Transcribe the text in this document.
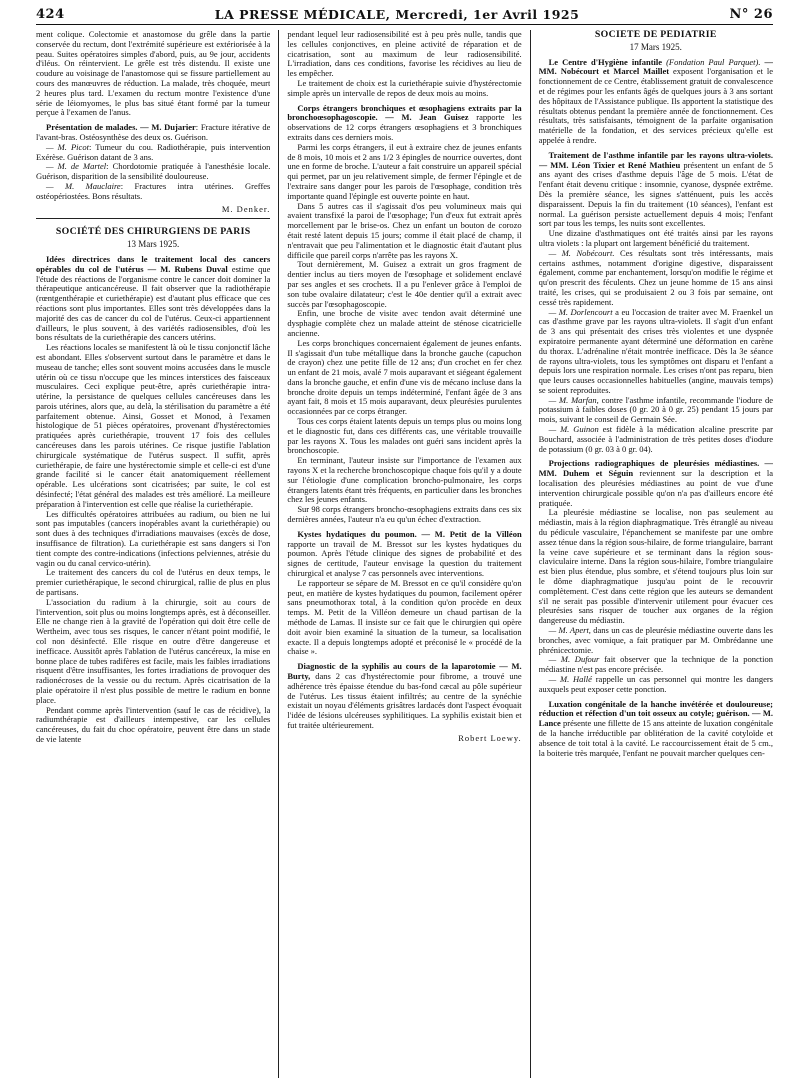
424	LA PRESSE MÉDICALE, Mercredi, 1er Avril 1925	N° 26

ment colique. Colectomie et anastomose du grêle dans la partie conservée du rectum, dont l'extrémité supérieure est extériorisée à la peau. Suites opératoires simples d'abord, puis, au 9e jour, accidents d'iléus. On réintervient. Le grêle est très distendu. Il existe une coudure au voisinage de l'anastomose qui se fissure partiellement au cours des manœuvres de réduction. La malade, très choquée, meurt 2 heures plus tard. L'examen du rectum montre l'existence d'une série de léiomyomes, le plus bas situé étant formé par la tumeur perçue à l'examen de l'anus.

Présentation de malades. — M. Dujarier: Fracture itérative de l'avant-bras. Ostéosynthèse des deux os. Guérison.

— M. Picot: Tumeur du cou. Radiothérapie, puis intervention Exérèse. Guérison datant de 3 ans.

— M. de Martel: Chordotomie pratiquée à l'anesthésie locale. Guérison, disparition de la sensibilité douloureuse.

— M. Mauclaire: Fractures intra utérines. Greffes ostéopériostées. Bons résultats.

M. Denker.
SOCIÉTÉ DES CHIRURGIENS DE PARIS
13 Mars 1925.

Idées directrices dans le traitement local des cancers opérables du col de l'utérus — M. Rubens Duval estime que l'étude des réactions de l'organisme contre le cancer doit dominer la thérapeutique anticancéreuse. Il fait observer que la radiothérapie (rœntgenthérapie et curiethérapie) est d'autant plus efficace que ces réactions sont plus importantes. Elles sont très développées dans la majorité des cas de cancer du col de l'utérus. Ceux-ci appartiennent d'ailleurs, le plus souvent, à des variétés radiosensibles, d'où les bons résultats de la curiethérapie des cancers utérins.

Les réactions locales se manifestent là où le tissu conjonctif lâche est abondant. Elles s'observent surtout dans le paramètre et dans le museau de tanche; elles sont souvent moins accusées dans le muscle utérin où ce tissu n'occupe que les minces interstices des faisceaux musculaires. Ceci explique peut-être, après curiethérapie intra-utérine, la persistance de quelques cellules cancéreuses dans les parois utérines, alors que, au delà, la stérilisation du paramètre a été parfaitement obtenue. Ainsi, Gosset et Monod, à l'examen histologique de 51 pièces opératoires, provenant d'hystérectomies pratiquées après curiethérapie, trouvent 17 fois des cellules cancéreuses dans les parois utérines. Ce risque justifie l'ablation chirurgicale systématique de l'utérus suspect. Il suffit, après curiethérapie, de faire une hystérectomie simple et celle-ci est d'une grande facilité si le cancer était anatomiquement réellement opérable. Les ulcérations sont cicatrisées; par suite, le col est désinfecté; l'état général des malades est très amélioré. La meilleure préparation à l'intervention est celle que réalise la curiethérapie.

Les difficultés opératoires attribuées au radium, ou bien ne lui sont pas imputables (cancers inopérables avant la curiethérapie) ou sont dues à des techniques d'irradiations mauvaises (excès de dose, insuffisance de filtration). La curiethérapie est sans dangers si l'on tient compte des contre-indications (infections pelviennes, atrésie du vagin ou du canal cervico-utérin).

Le traitement des cancers du col de l'utérus en deux temps, le premier curiethérapique, le second chirurgical, rallie de plus en plus de partisans.

L'association du radium à la chirurgie, soit au cours de l'intervention, soit plus ou moins longtemps après, est à déconseiller. Elle ne change rien à la gravité de l'opération qui doit être celle de Wertheim, avec tous ses risques, le cancer n'étant point modifié, le col non désinfecté. Elle risque en outre d'être dangereuse et inefficace. Aussitôt après l'ablation de l'utérus cancéreux, la mise en bonne place de tubes radifères est facile, mais les faibles irradiations risquent d'être insuffisantes, les fortes irradiations de provoquer des radionécroses de la vessie ou du rectum. Après cicatrisation de la plaie opératoire il n'est plus possible de mettre le radium en bonne place.

Pendant comme après l'intervention (sauf le cas de récidive), la radiumthérapie est d'ailleurs intempestive, car les cellules cancéreuses, du fait du choc opératoire, peuvent être dans un stade de vie latente

pendant lequel leur radiosensibilité est à peu près nulle, tandis que les cellules conjonctives, en pleine activité de réparation et de cicatrisation, sont au maximum de leur radiosensibilité. L'irradiation, dans ces conditions, favorise les récidives au lieu de les empêcher.

Le traitement de choix est la curiethérapie suivie d'hystérectomie simple après un intervalle de repos de deux mois au moins.

Corps étrangers bronchiques et œsophagiens extraits par la bronchoœsophagoscopie. — M. Jean Guisez rapporte les observations de 12 corps étrangers œsophagiens et 3 bronchiques extraits dans ces derniers mois.

Parmi les corps étrangers, il eut à extraire chez de jeunes enfants de 8 mois, 10 mois et 2 ans 1/2 3 épingles de nourrice ouvertes, dont une en forme de broche. L'auteur a fait construire un appareil spécial qui permet, par un jeu relativement simple, de fermer l'épingle et de l'extraire sans danger pour les parois de l'œsophage, condition très importante quand l'épingle est ouverte pointe en haut.

Dans 5 autres cas il s'agissait d'os peu volumineux mais qui avaient transfixé la paroi de l'œsophage; l'un d'eux fut extrait après morcellement par le brise-os. Chez un enfant un bouton de corozo était resté latent depuis 15 jours; comme il était placé de champ, il n'entravait que peu l'alimentation et le diagnostic était d'autant plus difficile que pareil corps n'arrête pas les rayons X.

Tout dernièrement, M. Guisez a extrait un gros fragment de dentier inclus au tiers moyen de l'œsophage et solidement enclavé par ses angles et ses crochets. Il a pu l'enlever grâce à l'emploi de son tube ovalaire dilatateur; c'est le 40e dentier qu'il a extrait avec succès par l'œsophagoscopie.

Enfin, une broche de visite avec tendon avait déterminé une dysphagie complète chez un malade atteint de sténose cicatricielle ancienne.

Les corps bronchiques concernaient également de jeunes enfants. Il s'agissait d'un tube métallique dans la bronche gauche (capuchon de crayon) chez une petite fille de 12 ans; d'un crochet en fer chez un enfant de 21 mois, avalé 7 mois auparavant et siégeant également dans la bronche gauche, et enfin d'une vis de mécano incluse dans la bronche droite depuis un temps indéterminé, l'enfant âgée de 3 ans ayant fait, 8 mois et 15 mois auparavant, deux pleurésies purulentes occasionnées par ce corps étranger.

Tous ces corps étaient latents depuis un temps plus ou moins long et le diagnostic fut, dans ces différents cas, une véritable trouvaille par les rayons X. Tous les malades ont guéri sans incident après la bronchoscopie.

En terminant, l'auteur insiste sur l'importance de l'examen aux rayons X et la recherche bronchoscopique chaque fois qu'il y a doute sur l'étiologie d'une complication broncho-pulmonaire, les corps étrangers latents étant très fréquents, en particulier dans les bronches chez les jeunes enfants.

Sur 98 corps étrangers broncho-œsophagiens extraits dans ces six dernières années, l'auteur n'a eu qu'un échec d'extraction.

Kystes hydatiques du poumon. — M. Petit de la Villéon rapporte un travail de M. Bressot sur les kystes hydatiques du poumon. Après l'étude clinique des signes de probabilité et des signes de certitude, l'auteur envisage la question du traitement chirurgical et analyse 7 cas personnels avec interventions.

Le rapporteur se sépare de M. Bressot en ce qu'il considère qu'on peut, en matière de kystes hydatiques du poumon, facilement opérer sans pneumothorax total, à la condition qu'on procède en deux temps. M. Petit de la Villéon demeure un chaud partisan de la méthode de Lamas. Il insiste sur ce fait que le chirurgien qui opère doit avoir bien examiné la situation de la tumeur, sa localisation exacte. Il a depuis longtemps adopté et préconisé le « procédé de la chaise ».

Diagnostic de la syphilis au cours de la laparotomie — M. Burty, dans 2 cas d'hystérectomie pour fibrome, a trouvé une adhérence très épaisse étendue du bas-fond cæcal au pôle supérieur de l'utérus. Les tissus étaient infiltrés; au centre de la synéchie existait un noyau d'éléments grisâtres lardacés dont l'aspect évoquait l'idée de lésions ulcéreuses syphilitiques. La syphilis existait bien et fut traitée ultérieurement.

Robert Loewy.
SOCIÉTÉ DE PÉDIATRIE
17 Mars 1925.

Le Centre d'Hygiène infantile (Fondation Paul Parquet). — MM. Nobécourt et Marcel Maillet exposent l'organisation et le fonctionnement de ce Centre, établissement gratuit de convalescence et de régimes pour les enfants âgés de quelques jours à 3 ans sortant des hôpitaux de l'Assistance publique. Ils apportent la statistique des résultats obtenus pendant la première année de fonctionnement. Ces résultats, très satisfaisants, témoignent de la parfaite organisation matérielle de la fondation, et des services précieux qu'elle est appelée à rendre.

Traitement de l'asthme infantile par les rayons ultra-violets. — MM. Léon Tixier et René Mathieu présentent un enfant de 5 ans ayant des crises d'asthme depuis l'âge de 5 mois. L'état de l'enfant était devenu critique : insomnie, cyanose, dyspnée extrême. Dès la première séance, les signes s'atténuent, puis les accès disparaissent. Depuis la fin du traitement (10 séances), l'enfant est normal. La guérison persiste actuellement depuis 4 mois; l'enfant sort par tous les temps, les nuits sont excellentes.

Une dizaine d'asthmatiques ont été traités ainsi par les rayons ultra violets : la plupart ont largement bénéficié du traitement.

— M. Nobécourt. Ces résultats sont très intéressants, mais certains asthmes, notamment d'origine digestive, disparaissent également, comme par enchantement, lorsqu'on modifie le régime et qu'on prescrit des féculents. Chez un jeune homme de 15 ans ainsi traité, les crises, qui se produisaient 2 ou 3 fois par semaine, ont cessé très rapidement.

— M. Dorlencourt a eu l'occasion de traiter avec M. Fraenkel un cas d'asthme grave par les rayons ultra-violets. Il s'agit d'un enfant de 3 ans qui présentait des crises très violentes et une dyspnée expiratoire permanente ayant déterminé une déformation en carène du thorax. L'adrénaline n'était montrée inefficace. Dès la 3e séance de rayons ultra-violets, tous les symptômes ont disparu et l'enfant a depuis lors une respiration normale. Les crises n'ont pas reparu, bien que leurs causes occasionnelles habituelles (angine, mauvais temps) se soient reproduites.

— M. Marfan, contre l'asthme infantile, recommande l'iodure de potassium à faibles doses (0 gr. 20 à 0 gr. 25) pendant 15 jours par mois, suivant le conseil de Germain Sée.

— M. Guinon est fidèle à la médication alcaline prescrite par Bouchard, associée à l'administration de très petites doses d'iodure de potassium (0 gr. 03 à 0 gr. 04).

Projections radiographiques de pleurésies médiastines. — MM. Duhem et Séguin reviennent sur la description et la localisation des pleurésies médiastines au point de vue d'une intervention chirurgicale possible qu'on n'a pas d'ailleurs encore été pratiquée.

La pleurésie médiastine se localise, non pas seulement au médiastin, mais à la région diaphragmatique. Très étranglé au niveau du pédicule vasculaire, l'épanchement se manifeste par une ombre assez ténue dans la région sous-hilaire, de forme triangulaire, barrant la veine cave supérieure et se terminant dans la région sous-claviculaire interne. Dans la région sous-hilaire, l'ombre triangulaire est bien plus étendue, plus sombre, et s'étend toujours plus loin sur le dôme diaphragmatique jusqu'au point de le recouvrir complètement. C'est dans cette région que les auteurs se demandent s'il ne serait pas possible d'intervenir utilement pour évacuer ces pleurésies sans risquer de toucher aux organes de la région dangereuse du médiastin.

— M. Apert, dans un cas de pleurésie médiastine ouverte dans les bronches, avec vomique, a fait pratiquer par M. Ombrédanne une phrénicectomie.

— M. Dufour fait observer que la technique de la ponction médiastine n'est pas encore précisée.

— M. Hallé rappelle un cas personnel qui montre les dangers auxquels peut exposer cette ponction.

Luxation congénitale de la hanche invétérée et douloureuse; réduction et réfection d'un toit osseux au cotyle; guérison. — M. Lance présente une fillette de 15 ans atteinte de luxation congénitale de la hanche irréductible par oblitération de la cavité cotyloïde et absence de toit total à la cavité. Le raccourcissement était de 5 cm., la boiterie très marquée, l'enfant ne pouvait marcher quelques cen-
